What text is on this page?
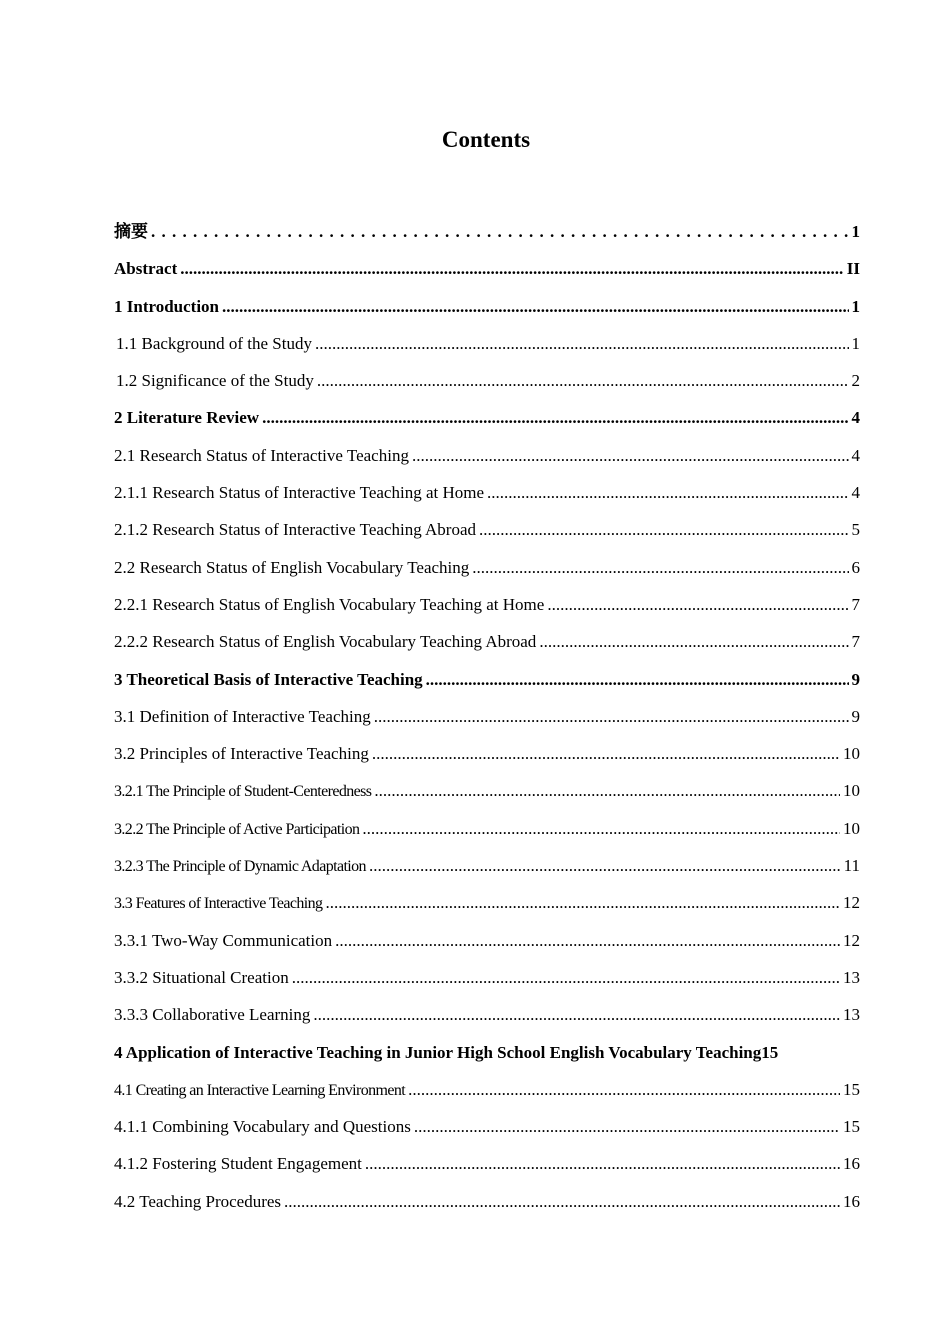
Contents
摘要 . . .	1
Abstract .....	II
1 Introduction .....	1
1.1 Background of the Study .....	1
1.2 Significance of the Study .....	2
2 Literature Review .....	4
2.1 Research Status of Interactive Teaching .....	4
2.1.1 Research Status of Interactive Teaching at Home .....	4
2.1.2 Research Status of Interactive Teaching Abroad .....	5
2.2 Research Status of English Vocabulary Teaching .....	6
2.2.1 Research Status of English Vocabulary Teaching at Home .....	7
2.2.2 Research Status of English Vocabulary Teaching Abroad .....	7
3 Theoretical Basis of Interactive Teaching .....	9
3.1 Definition of Interactive Teaching .....	9
3.2 Principles of Interactive Teaching .....	10
3.2.1 The Principle of Student-Centeredness .....	10
3.2.2 The Principle of Active Participation .....	10
3.2.3 The Principle of Dynamic Adaptation .....	11
3.3 Features of Interactive Teaching .....	12
3.3.1 Two-Way Communication .....	12
3.3.2 Situational Creation .....	13
3.3.3 Collaborative Learning .....	13
4 Application of Interactive Teaching in Junior High School English Vocabulary Teaching 15
4.1 Creating an Interactive Learning Environment .....	15
4.1.1 Combining Vocabulary and Questions .....	15
4.1.2 Fostering Student Engagement .....	16
4.2 Teaching Procedures .....	16
